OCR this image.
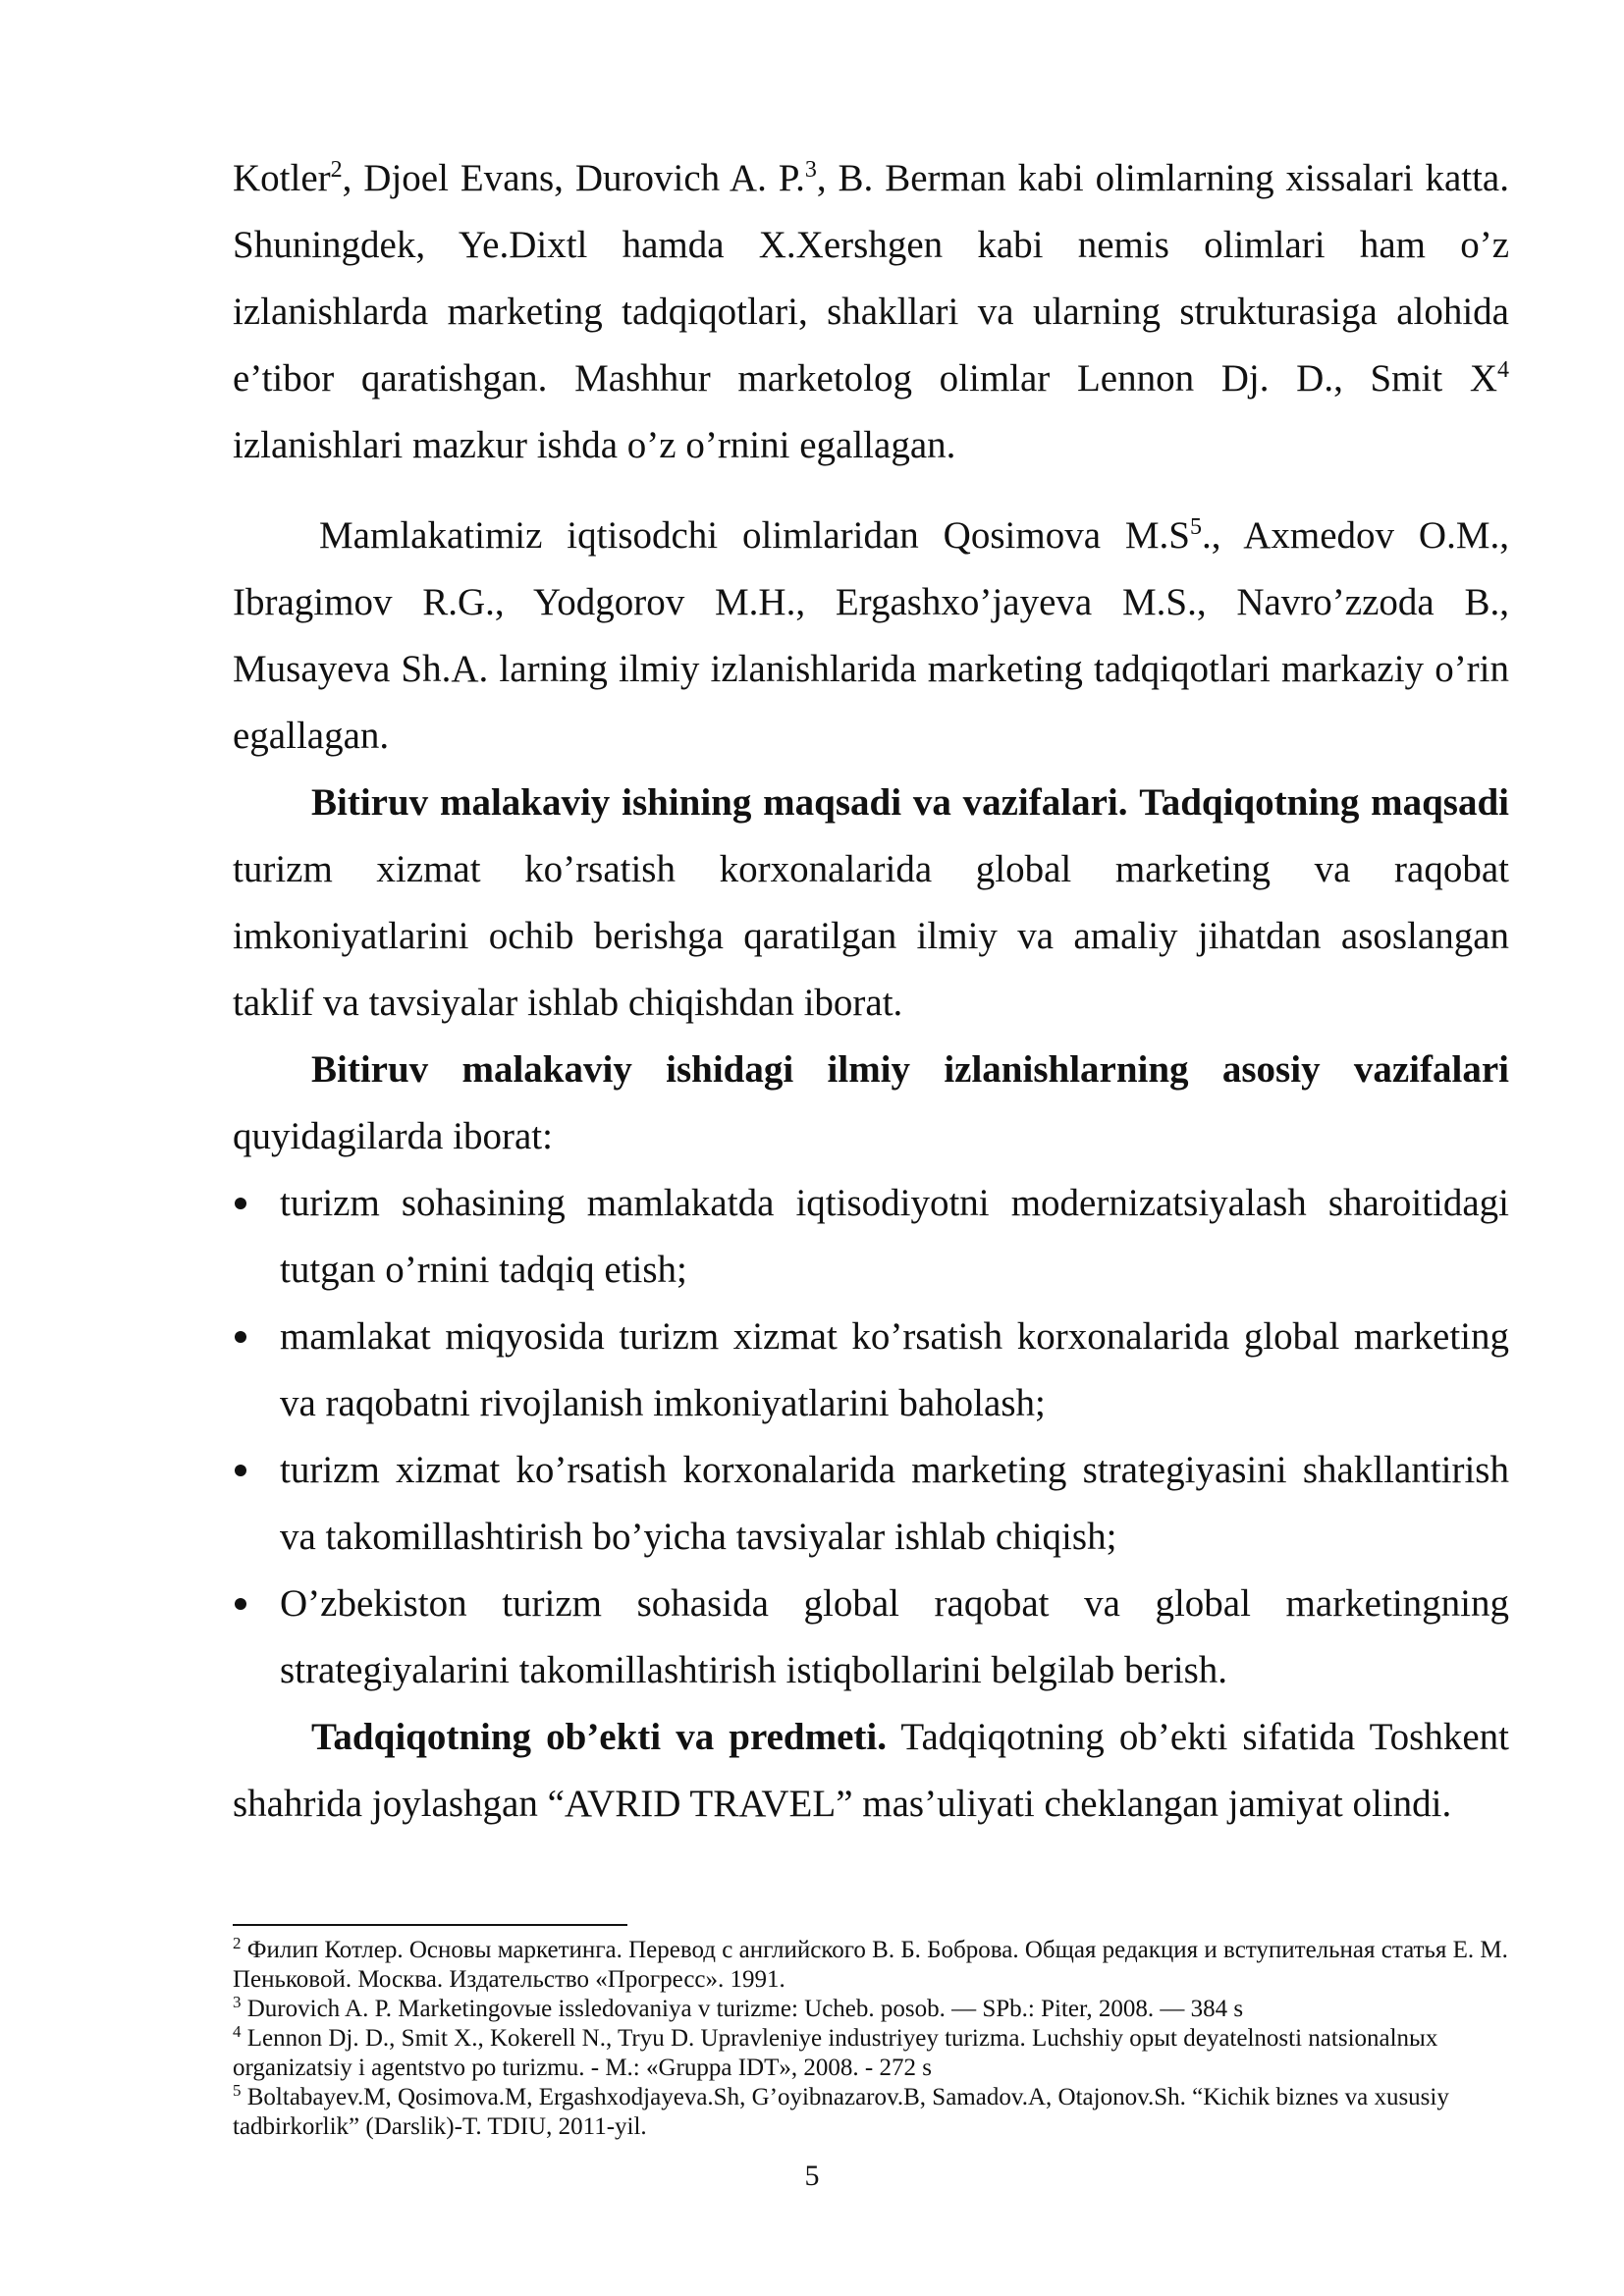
Kotler$^2$, Djoel Evans, Durovich A. P.$^3$, B. Berman kabi olimlarning xissalari katta. Shuningdek, Ye.Dixtl hamda X.Xershgen kabi nemis olimlari ham o’z izlanishlarda marketing tadqiqotlari, shakllari va ularning strukturasiga alohida e’tibor qaratishgan. Mashhur marketolog olimlar Lennon Dj. D., Smit $X^4$ izlanishlari mazkur ishda o’z o’rnini egallagan.

Mamlakatimiz iqtisodchi olimlaridan Qosimova $M.S^5$., Axmedov O.M., Ibragimov R.G., Yodgorov M.H., Ergashxo’jayeva M.S., Navro’zzoda B., Musayeva Sh.A. larning ilmiy izlanishlarida marketing tadqiqotlari markaziy o’rin egallagan.

Bitiruv malakaviy ishining maqsadi va vazifalari. Tadqiqotning maqsadi turizm xizmat ko’rsatish korxonalarida global marketing va raqobat imkoniyatlarini ochib berishga qaratilgan ilmiy va amaliy jihatdan asoslangan taklif va tavsiyalar ishlab chiqishdan iborat.

Bitiruv malakaviy ishidagi ilmiy izlanishlarning asosiy vazifalari quyidagilarda iborat:

turizm sohasining mamlakatda iqtisodiyotni modernizatsiyalash sharoitidagi tutgan o’rnini tadqiq etish;
mamlakat miqyosida turizm xizmat ko’rsatish korxonalarida global marketing va raqobatni rivojlanish imkoniyatlarini baholash;
turizm xizmat ko’rsatish korxonalarida marketing strategiyasini shakllantirish va takomillashtirish bo’yicha tavsiyalar ishlab chiqish;
O’zbekiston turizm sohasida global raqobat va global marketingning strategiyalarini takomillashtirish istiqbollarini belgilab berish.

Tadqiqotning ob’ekti va predmeti. Tadqiqotning ob’ekti sifatida Toshkent shahrida joylashgan “AVRID TRAVEL” mas’uliyati cheklangan jamiyat olindi.

$^2$ Филип Котлер. Основы маркетинга. Перевод с английского В. Б. Боброва. Общая редакция и вступительная статья Е. М. Пеньковой. Москва. Издательство «Прогресс». 1991.

$^3$ Durovich A. P. Marketingovыe issledovaniya v turizme: Ucheb. posob. — SPb.: Piter, 2008. — 384 s

$^4$ Lennon Dj. D., Smit X., Kokerell N., Tryu D. Upravleniye industriyey turizma. Luchshiy opыt deyatelnosti natsionalnыx organizatsiy i agentstvo po turizmu. - M.: «Gruppa IDT», 2008. - 272 s

$^5$ Boltabayev.M, Qosimova.M, Ergashxodjayeva.Sh, G’oyibnazarov.B, Samadov.A, Otajonov.Sh. “Kichik biznes va xususiy tadbirkorlik” (Darslik)-T. TDIU, 2011-yil.

5
